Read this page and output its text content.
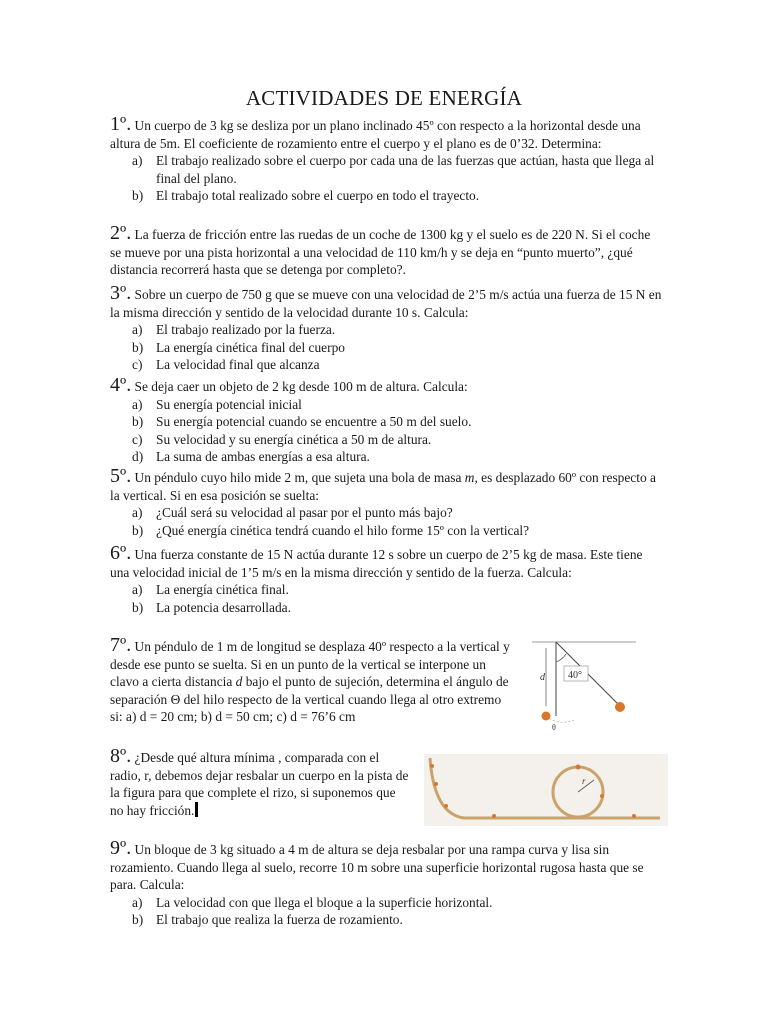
ACTIVIDADES DE ENERGÍA

1º. Un cuerpo de 3 kg se desliza por un plano inclinado 45º con respecto a la horizontal desde una altura de 5m. El coeficiente de rozamiento entre el cuerpo y el plano es de 0’32. Determina:

a) El trabajo realizado sobre el cuerpo por cada una de las fuerzas que actúan, hasta que llega al final del plano.
b) El trabajo total realizado sobre el cuerpo en todo el trayecto.

2º. La fuerza de fricción entre las ruedas de un coche de 1300 kg y el suelo es de 220 N. Si el coche se mueve por una pista horizontal a una velocidad de 110 km/h y se deja en “punto muerto”, ¿qué distancia recorrerá hasta que se detenga por completo?.

3º. Sobre un cuerpo de 750 g que se mueve con una velocidad de 2’5 m/s actúa una fuerza de 15 N en la misma dirección y sentido de la velocidad durante 10 s. Calcula:

a) El trabajo realizado por la fuerza.
b) La energía cinética final del cuerpo
c) La velocidad final que alcanza

4º. Se deja caer un objeto de 2 kg desde 100 m de altura. Calcula:

a) Su energía potencial inicial
b) Su energía potencial cuando se encuentre a 50 m del suelo.
c) Su velocidad y su energía cinética a 50 m de altura.
d) La suma de ambas energías a esa altura.

5º. Un péndulo cuyo hilo mide 2 m, que sujeta una bola de masa m, es desplazado 60º con respecto a la vertical. Si en esa posición se suelta:

a) ¿Cuál será su velocidad al pasar por el punto más bajo?
b) ¿Qué energía cinética tendrá cuando el hilo forme 15º con la vertical?

6º. Una fuerza constante de 15 N actúa durante 12 s sobre un cuerpo de 2’5 kg de masa. Este tiene una velocidad inicial de 1’5 m/s en la misma dirección y sentido de la fuerza. Calcula:

a) La energía cinética final.
b) La potencia desarrollada.

7º. Un péndulo de 1 m de longitud se desplaza 40º respecto a la vertical y desde ese punto se suelta. Si en un punto de la vertical se interpone un clavo a cierta distancia d bajo el punto de sujeción, determina el ángulo de separación Θ del hilo respecto de la vertical cuando llega al otro extremo si: a) d = 20 cm; b) d = 50 cm; c) d = 76’6 cm

40°
d
θ

8º. ¿Desde qué altura mínima , comparada con el radio, r, debemos dejar resbalar un cuerpo en la pista de la figura para que complete el rizo, si suponemos que no hay fricción.

r

9º. Un bloque de 3 kg situado a 4 m de altura se deja resbalar por una rampa curva y lisa sin rozamiento. Cuando llega al suelo, recorre 10 m sobre una superficie horizontal rugosa hasta que se para. Calcula:

a) La velocidad con que llega el bloque a la superficie horizontal.
b) El trabajo que realiza la fuerza de rozamiento.
